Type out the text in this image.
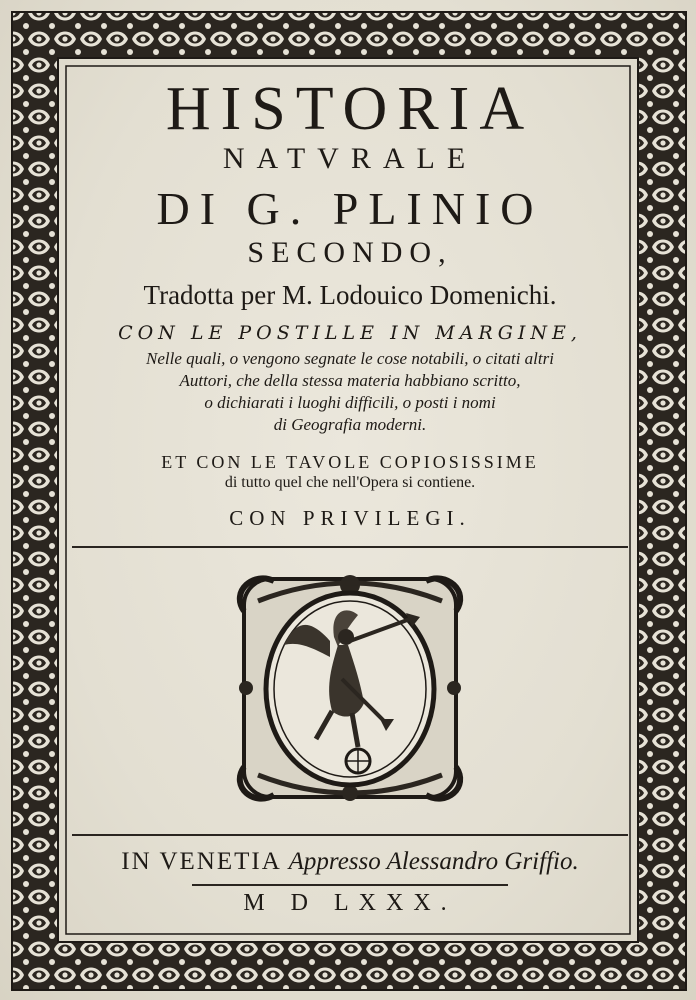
HISTORIA
NATVRALE
DI G. PLINIO
SECONDO,
Tradotta per M. Lodouico Domenichi.
CON LE POSTILLE IN MARGINE,
Nelle quali, o vengono segnate le cose notabili, o citati altri
Auttori, che della stessa materia habbiano scritto,
o dichiarati i luoghi difficili, o posti i nomi
di Geografia moderni.
ET CON LE TAVOLE COPIOSISSIME
di tutto quel che nell'Opera si contiene.
CON PRIVILEGI.
IN VENETIA Appresso Alessandro Griffio.
M D LXXX.
